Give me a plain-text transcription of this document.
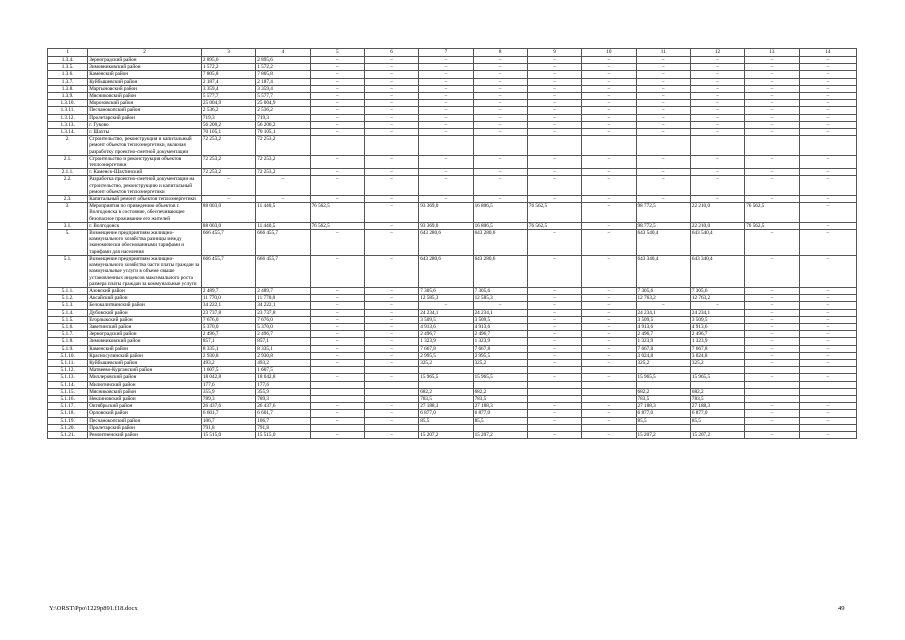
1	2	3	4	5	6	7	8	9	10	11	12	13	14
1.3.4.	Зерноградский район	2 895,6	2 895,6	–	–	–	–	–	–	–	–	–	–
1.3.5.	Зимовниковский район	1 572,2	1 572,2	–	–	–	–	–	–	–	–	–	–
1.3.6.	Каменский район	7 805,8	7 805,8	–	–	–	–	–	–	–	–	–	–
1.3.7.	Куйбышевский район	2 187,4	2 187,4	–	–	–	–	–	–	–	–	–	–
1.3.8.	Мартыновский район	3 359,4	3 359,4	–	–	–	–	–	–	–	–	–	–
1.3.9.	Мясниковский район	5 577,7	5 577,7	–	–	–	–	–	–	–	–	–	–
1.3.10.	Морозовский район	25 004,9	25 004,9	–	–	–	–	–	–	–	–	–	–
1.3.11.	Песчанокопский район	2 536,2	2 536,2	–	–	–	–	–	–	–	–	–	–
1.3.12.	Пролетарский район	719,3	719,3	–	–	–	–	–	–	–	–	–	–
1.3.13.	г. Гуково	56 200,2	56 200,2	–	–	–	–	–	–	–	–	–	–
1.3.14.	г. Шахты	70 105,1	70 105,1	–	–	–	–	–	–	–	–	–	–
2.	Строительство, реконструкция и капитальный ремонт объектов теплоэнергетики, включая разработку проектно-сметной документации	72 253,2	72 253,2										
2.1.	Строительство и реконструкция объектов теплоэнергетики	72 253,2	72 253,2	–	–	–	–	–	–	–	–	–	–
2.1.1.	г. Каменск-Шахтинский	72 253,2	72 253,2	–	–	–	–	–	–	–	–	–	–
2.2.	Разработка проектно-сметной документации на строительство, реконструкцию и капитальный ремонт объектов теплоэнергетики	–	–	–	–	–	–	–	–	–	–	–	–
2.3.	Капитальный ремонт объектов теплоэнергетики	–	–	–	–	–	–	–	–	–	–	–	–
3.	Мероприятия по приведению объектов г. Волгодонска в состояние, обеспечивающее безопасное проживание его жителей	88 003,0	11 440,5	76 562,5	–	93 369,0	16 806,5	76 562,5	–	98 772,5	22 210,0	76 562,5	–
3.1.	г. Волгодонск	88 003,0	11 440,5	76 562,5	–	93 369,0	16 806,5	76 562,5	–	98 772,5	22 210,0	76 562,5	–
5.	Возмещение предприятиям жилищно-коммунального хозяйства разницы между экономически обоснованными тарифами и тарифами для населения	666 455,7	666 455,7	–	–	643 280,6	643 280,6	–	–	643 540,4	643 540,4	–	–
5.1.	Возмещение предприятиям жилищно-коммунального хозяйства части платы граждан за коммунальные услуги в объеме свыше установленных индексов максимального роста размера платы граждан за коммунальные услуги	666 455,7	666 455,7	–	–	643 280,6	643 280,6	–	–	643 340,4	643 340,4	–	–
5.1.1.	Азовский район	2 489,7	2 489,7	–	–	7 305,6	7 305,6	–	–	7 305,6	7 305,6	–	–
5.1.2.	Аксайский район	11 770,0	11 770,0	–	–	12 585,3	12 585,3	–	–	12 763,2	12 763,2	–	–
5.1.3.	Белокалитвинский район	34 222,1	34 222,1	–	–	–	–	–	–	–	–	–	–
5.1.4.	Дубовский район	23 737,8	23 737,8	–	–	24 234,1	24 234,1	–	–	24 234,1	24 234,1	–	–
5.1.5.	Егорлыкский район	7 676,0	7 676,0	–	–	3 509,5	3 509,5	–	–	3 509,5	3 509,5	–	–
5.1.6.	Заветинский район	5 370,0	5 370,0	–	–	4 913,6	4 913,6	–	–	4 913,6	4 913,6	–	–
5.1.7.	Зерноградский район	2 496,7	2 496,7	–	–	2 496,7	2 496,7	–	–	2 496,7	2 496,7	–	–
5.1.8.	Зимовниковский район	857,1	857,1	–	–	1 323,9	1 323,9	–	–	1 323,9	1 323,9	–	–
5.1.9.	Каменский район	8 335,1	8 335,1	–	–	7 667,8	7 667,8	–	–	7 667,8	7 667,8	–	–
5.1.10.	Красносулинский район	2 930,8	2 930,8	–	–	2 995,5	2 995,5	–	–	3 024,8	3 024,8	–	–
5.1.11.	Куйбышевский район	493,2	493,2	–	–	325,2	325,2	–	–	325,2	325,2	–	–
5.1.12.	Матвеево-Курганский район	1 607,5	1 607,5										
5.1.13.	Миллеровский район	18 042,8	18 042,8	–	–	15 965,5	15 965,5	–	–	15 965,5	15 965,5	–	–
5.1.14.	Милютинский район	177,6	177,6										
5.1.15.	Мясниковский район	355,9	355,9			682,2	682,2			682,2	682,2		
5.1.16.	Неклиновский район	789,3	789,3			783,5	783,5			783,5	783,5		
5.1.17.	Октябрьский район	26 437,6	26 437,6	–	–	27 188,3	27 188,3	–	–	27 188,3	27 188,3	–	–
5.1.18.	Орловский район	6 601,7	6 601,7	–	–	6 877,0	6 877,0	–	–	6 877,0	6 877,0	–	–
5.1.19.	Песчанокопский район	106,7	106,7	–	–	85,5	85,5	–	–	85,5	85,5	–	–
5.1.20.	Пролетарский район	791,8	791,8										
5.1.21.	Ремонтненский район	15 515,0	15 515,0	–	–	15 207,2	15 207,2	–	–	15 207,2	15 207,2	–	–
Y:\ORST\Ppo\1229p891.f18.docx	49
